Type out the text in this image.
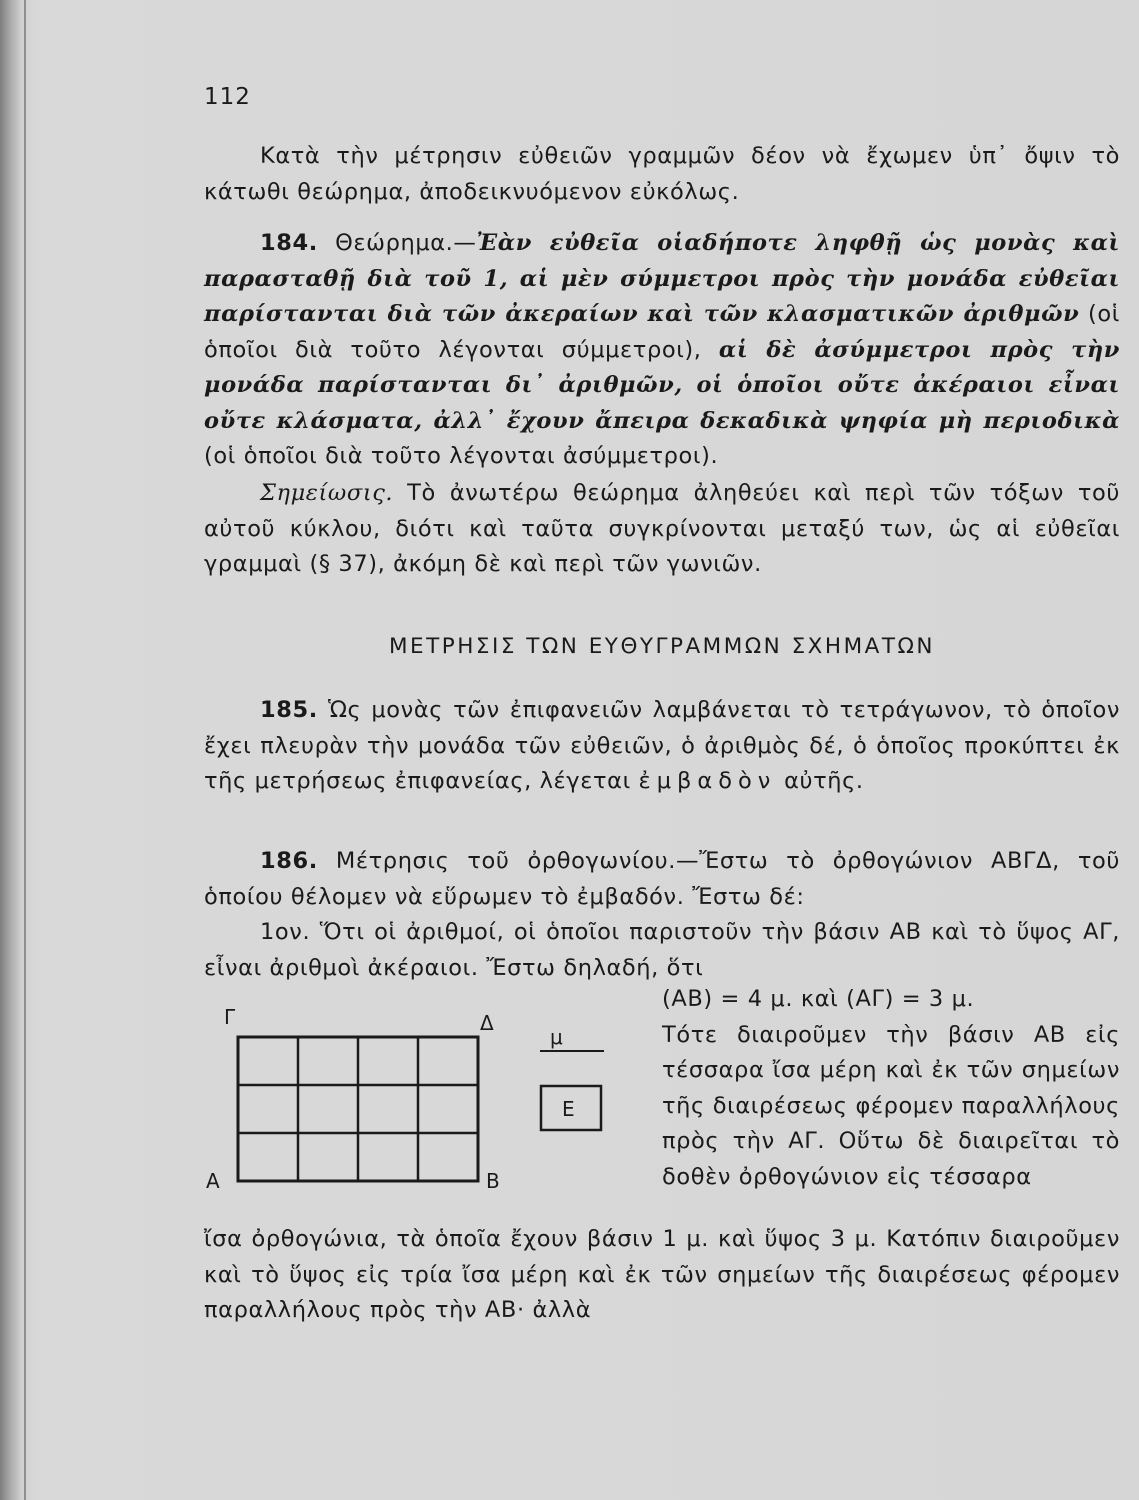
112

Κατὰ τὴν μέτρησιν εὐθειῶν γραμμῶν δέον νὰ ἔχωμεν ὑπ᾽ ὄψιν τὸ κάτωθι θεώρημα, ἀποδεικνυόμενον εὐκόλως.

184. Θεώρημα.—Ἐὰν εὐθεῖα οἱαδήποτε ληφθῇ ὡς μονὰς καὶ παρασταθῇ διὰ τοῦ 1, αἱ μὲν σύμμετροι πρὸς τὴν μονάδα εὐθεῖαι παρίστανται διὰ τῶν ἀκεραίων καὶ τῶν κλασματικῶν ἀριθμῶν (οἱ ὁποῖοι διὰ τοῦτο λέγονται σύμμετροι), αἱ δὲ ἀσύμμετροι πρὸς τὴν μονάδα παρίστανται δι᾽ ἀριθμῶν, οἱ ὁποῖοι οὔτε ἀκέραιοι εἶναι οὔτε κλάσματα, ἀλλ᾽ ἔχουν ἄπειρα δεκαδικὰ ψηφία μὴ περιοδικὰ (οἱ ὁποῖοι διὰ τοῦτο λέγονται ἀσύμμετροι).

Σημείωσις. Τὸ ἀνωτέρω θεώρημα ἀληθεύει καὶ περὶ τῶν τόξων τοῦ αὐτοῦ κύκλου, διότι καὶ ταῦτα συγκρίνονται μεταξύ των, ὡς αἱ εὐθεῖαι γραμμαὶ (§ 37), ἀκόμη δὲ καὶ περὶ τῶν γωνιῶν.

ΜΕΤΡΗΣΙΣ ΤΩΝ ΕΥΘΥΓΡΑΜΜΩΝ ΣΧΗΜΑΤΩΝ

185. Ὡς μονὰς τῶν ἐπιφανειῶν λαμβάνεται τὸ τετράγωνον, τὸ ὁποῖον ἔχει πλευρὰν τὴν μονάδα τῶν εὐθειῶν, ὁ ἀριθμὸς δέ, ὁ ὁποῖος προκύπτει ἐκ τῆς μετρήσεως ἐπιφανείας, λέγεται ἐμβαδὸν αὐτῆς.

186. Μέτρησις τοῦ ὀρθογωνίου.—Ἔστω τὸ ὀρθογώνιον ΑΒΓΔ, τοῦ ὁποίου θέλομεν νὰ εὕρωμεν τὸ ἐμβαδόν. Ἔστω δέ:

1ον. Ὅτι οἱ ἀριθμοί, οἱ ὁποῖοι παριστοῦν τὴν βάσιν ΑΒ καὶ τὸ ὕψος ΑΓ, εἶναι ἀριθμοὶ ἀκέραιοι. Ἔστω δηλαδή, ὅτι

Γ	Δ
Α	Β
μ
Ε

(ΑΒ) = 4 μ. καὶ (ΑΓ) = 3 μ.

Τότε διαιροῦμεν τὴν βάσιν ΑΒ εἰς τέσσαρα ἴσα μέρη καὶ ἐκ τῶν σημείων τῆς διαιρέσεως φέρομεν παραλλήλους πρὸς τὴν ΑΓ. Οὕτω δὲ διαιρεῖται τὸ δοθὲν ὀρθογώνιον εἰς τέσσαρα

ἴσα ὀρθογώνια, τὰ ὁποῖα ἔχουν βάσιν 1 μ. καὶ ὕψος 3 μ. Κατόπιν διαιροῦμεν καὶ τὸ ὕψος εἰς τρία ἴσα μέρη καὶ ἐκ τῶν σημείων τῆς διαιρέσεως φέρομεν παραλλήλους πρὸς τὴν ΑΒ· ἀλλὰ
